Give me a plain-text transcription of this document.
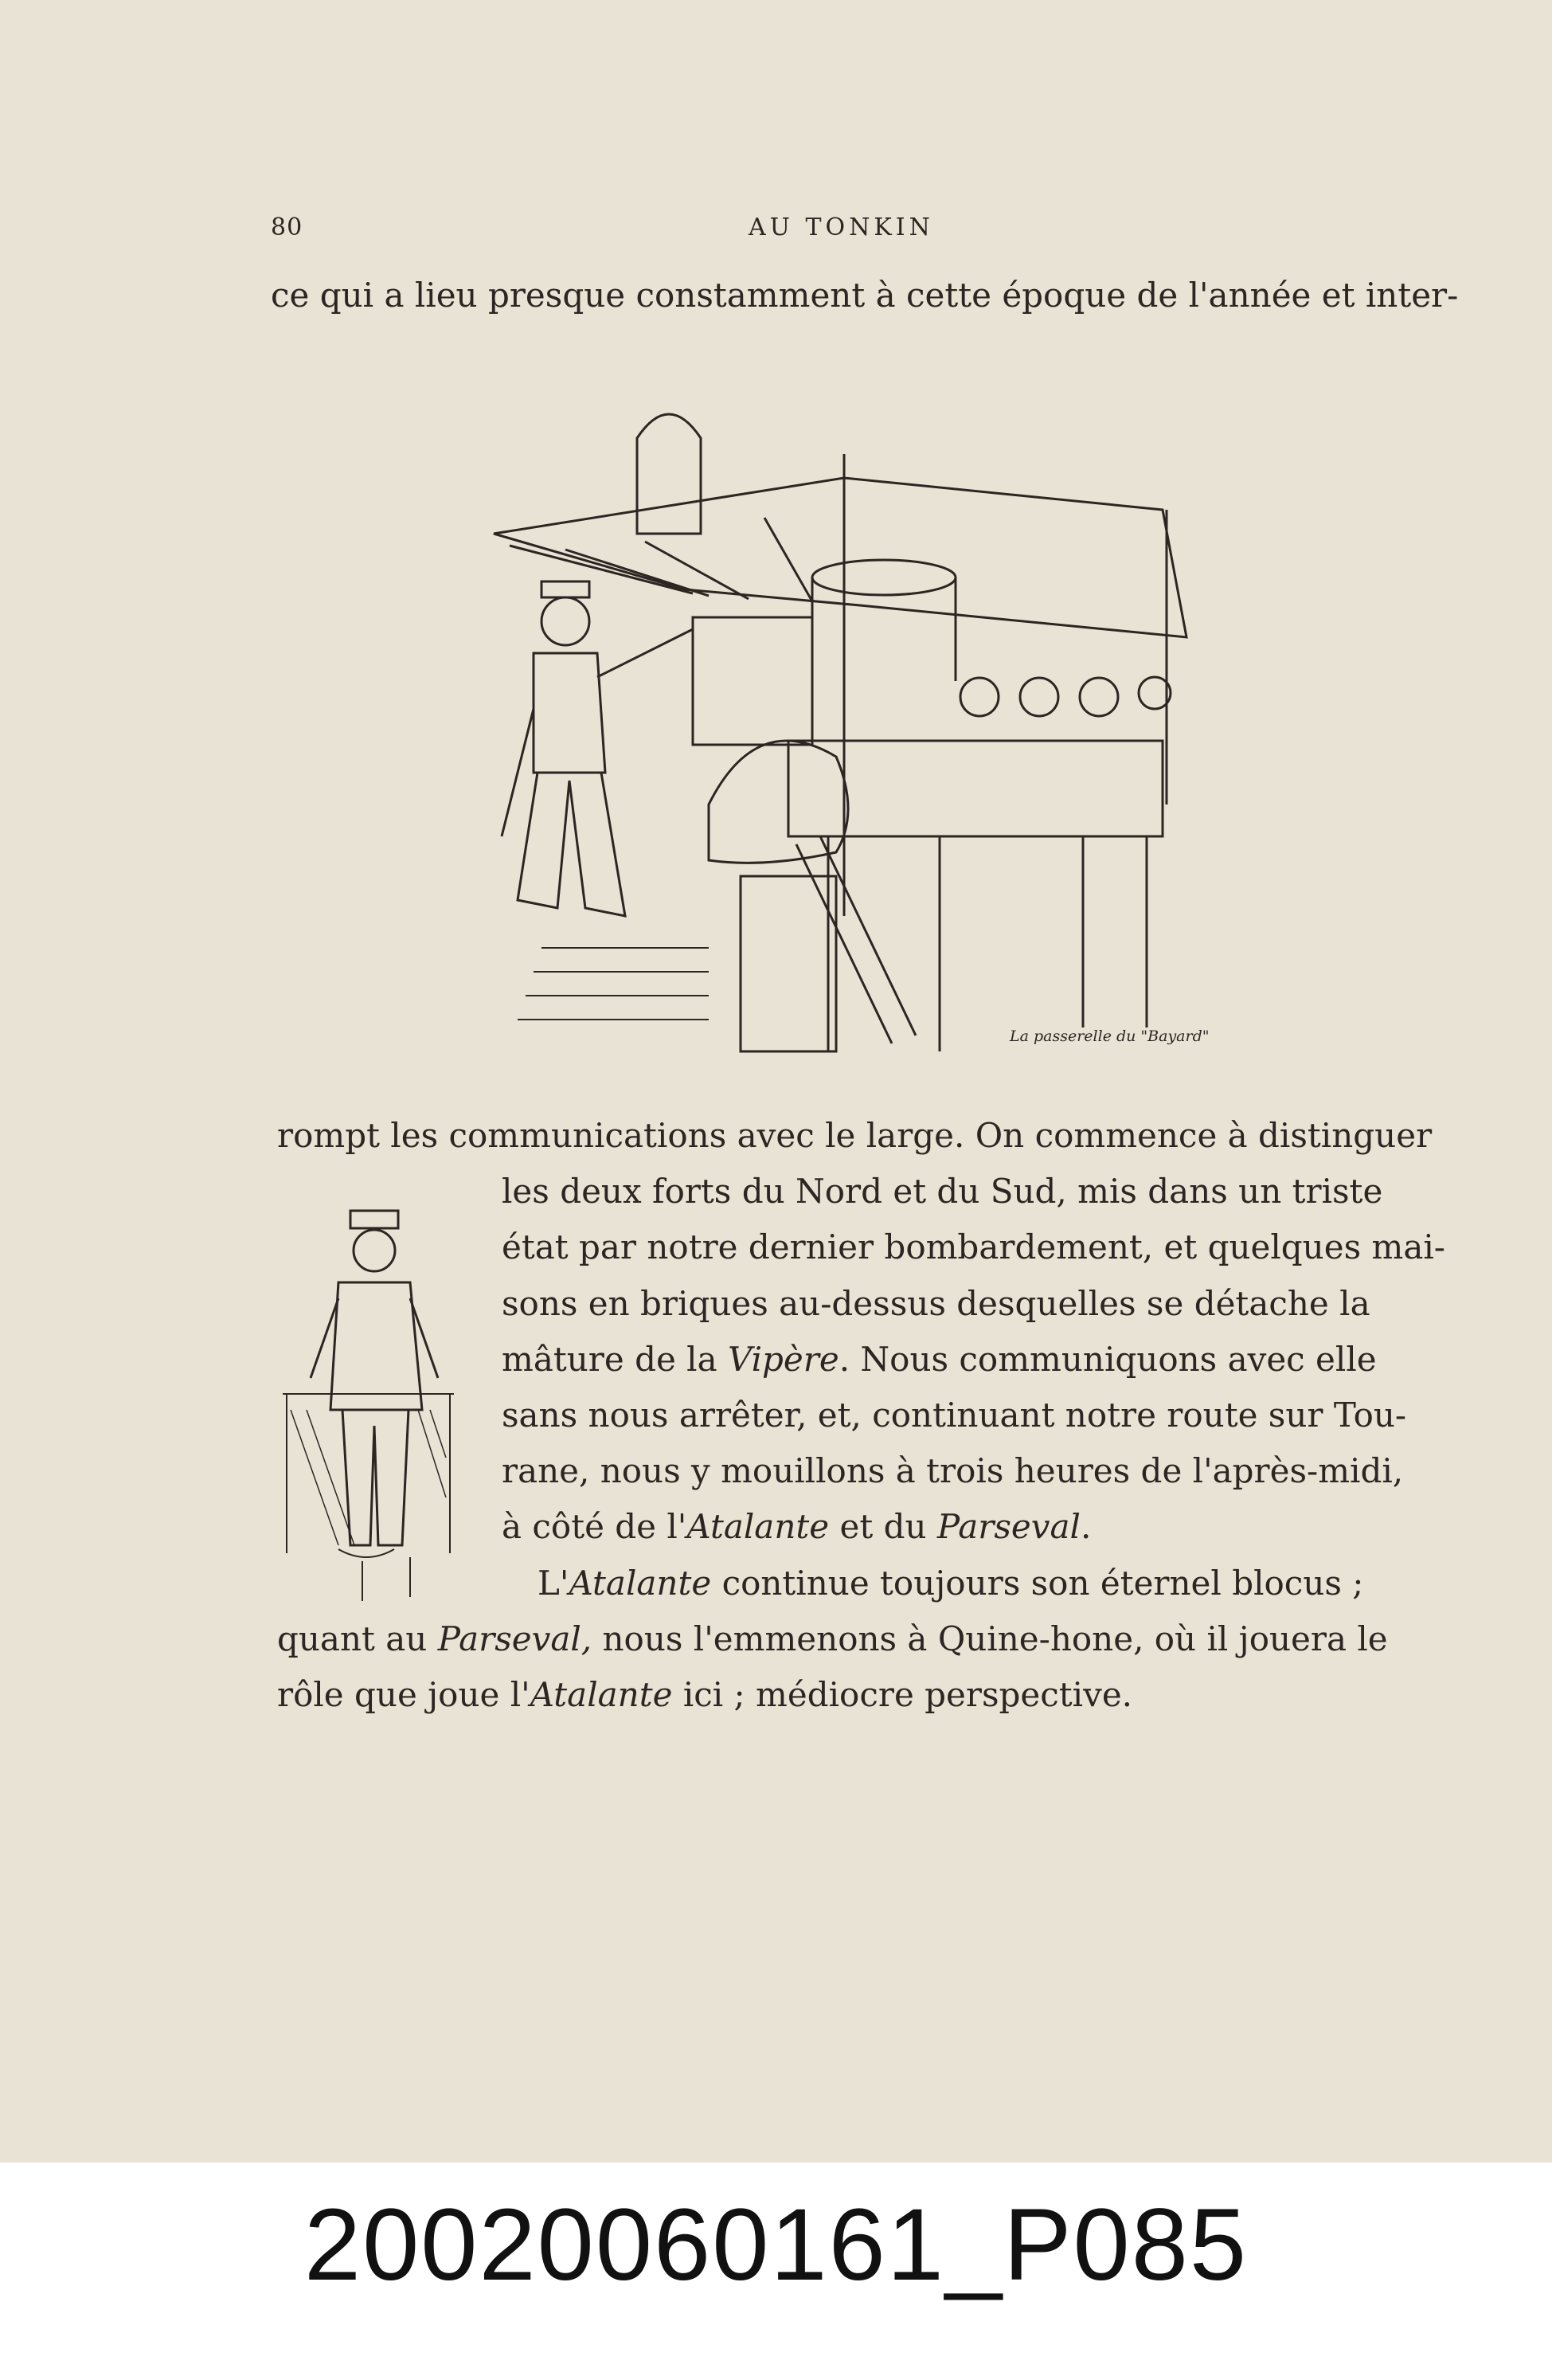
80	AU TONKIN
ce qui a lieu presque constamment à cette époque de l'année et inter-
La passerelle du "Bayard"
rompt les communications avec le large. On commence à distinguer
les deux forts du Nord et du Sud, mis dans un triste
état par notre dernier bombardement, et quelques mai-
sons en briques au-dessus desquelles se détache la
mâture de la Vipère. Nous communiquons avec elle
sans nous arrêter, et, continuant notre route sur Tou-
rane, nous y mouillons à trois heures de l'après-midi,
à côté de l'Atalante et du Parseval.
L'Atalante continue toujours son éternel blocus ;
quant au Parseval, nous l'emmenons à Quine-hone, où il jouera le
rôle que joue l'Atalante ici ; médiocre perspective.
20020060161_P085
